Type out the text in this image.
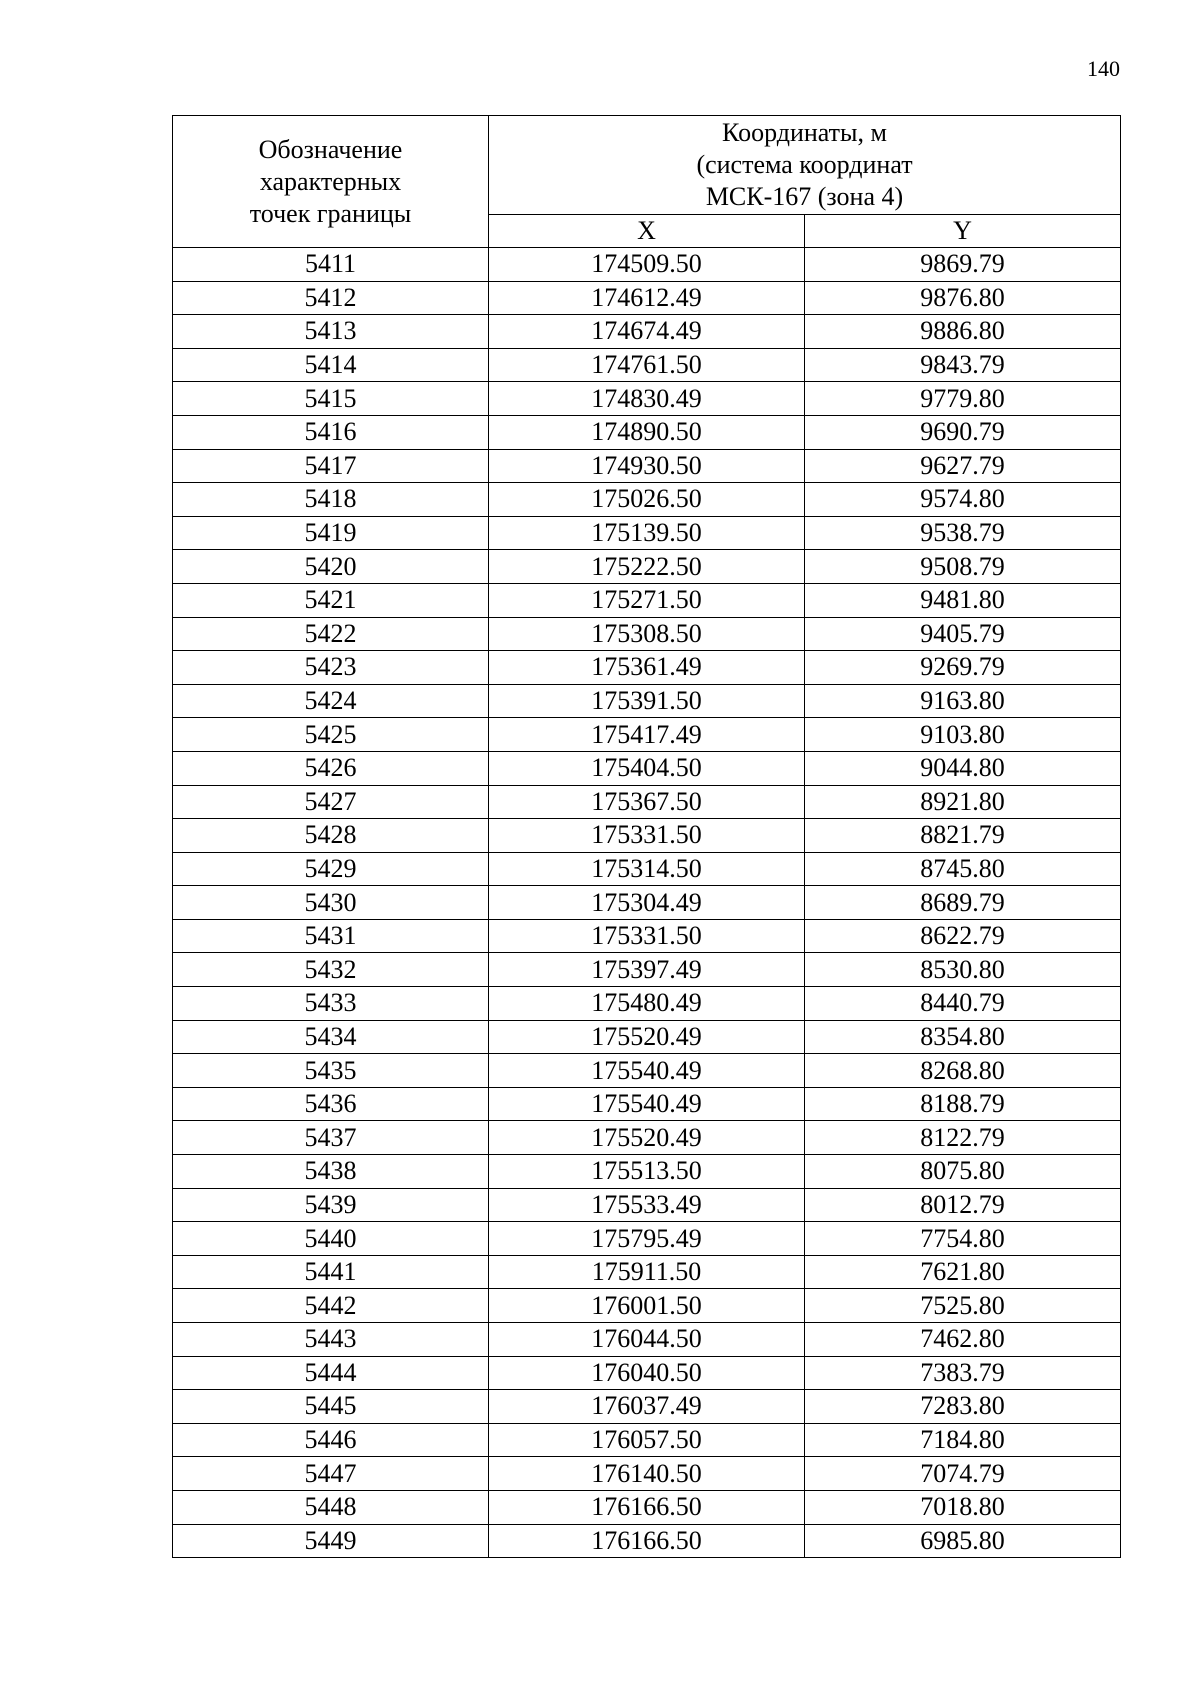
140
Обозначение
характерных
точек границы	Координаты, м
(система координат
МСК-167 (зона 4)	

	X	Y
5411	174509.50	9869.79
5412	174612.49	9876.80
5413	174674.49	9886.80
5414	174761.50	9843.79
5415	174830.49	9779.80
5416	174890.50	9690.79
5417	174930.50	9627.79
5418	175026.50	9574.80
5419	175139.50	9538.79
5420	175222.50	9508.79
5421	175271.50	9481.80
5422	175308.50	9405.79
5423	175361.49	9269.79
5424	175391.50	9163.80
5425	175417.49	9103.80
5426	175404.50	9044.80
5427	175367.50	8921.80
5428	175331.50	8821.79
5429	175314.50	8745.80
5430	175304.49	8689.79
5431	175331.50	8622.79
5432	175397.49	8530.80
5433	175480.49	8440.79
5434	175520.49	8354.80
5435	175540.49	8268.80
5436	175540.49	8188.79
5437	175520.49	8122.79
5438	175513.50	8075.80
5439	175533.49	8012.79
5440	175795.49	7754.80
5441	175911.50	7621.80
5442	176001.50	7525.80
5443	176044.50	7462.80
5444	176040.50	7383.79
5445	176037.49	7283.80
5446	176057.50	7184.80
5447	176140.50	7074.79
5448	176166.50	7018.80
5449	176166.50	6985.80
